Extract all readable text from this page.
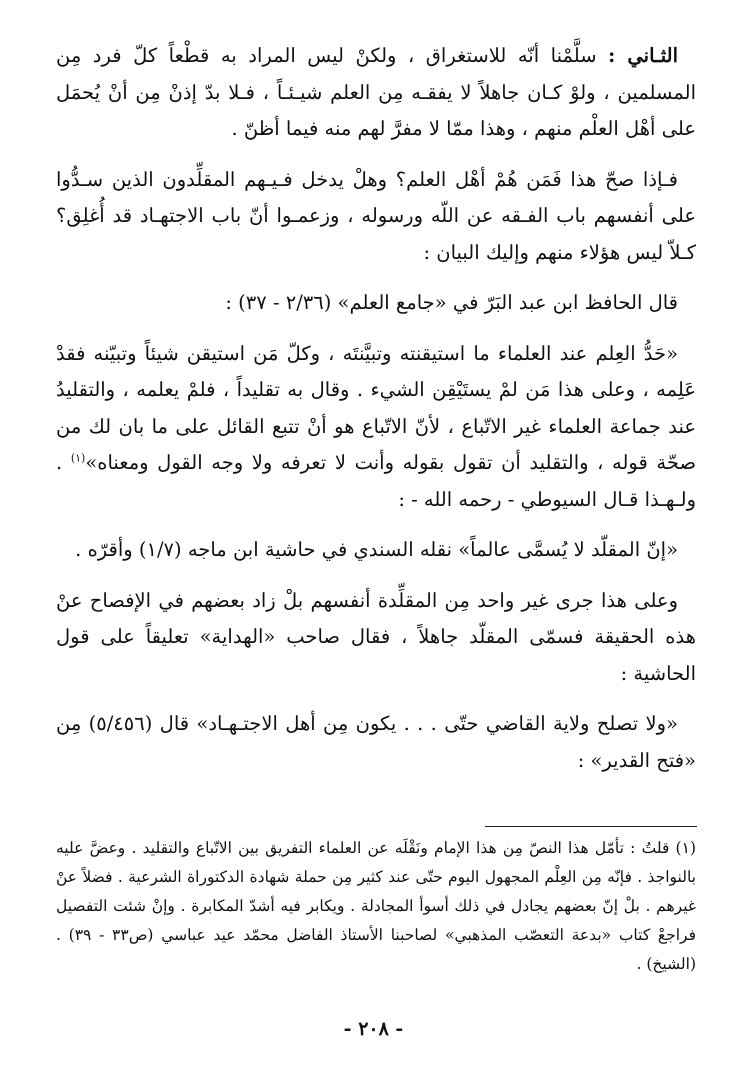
الثـاني : سلَّمْنا أنّه للاستغراق ، ولكنْ ليس المراد به قطْعاً كلّ فرد مِن المسلمين ، ولوْ كـان جاهلاً لا يفقـه مِن العلم شيـئـاً ، فـلا بدّ إذنْ مِن أنْ يُحمَل على أهْل العلْم منهم ، وهذا ممّا لا مفرَّ لهم منه فيما أظنّ .

فـإذا صحّ هذا فَمَن هُمْ أهْل العلم؟ وهلْ يدخل فـيـهم المقلِّدون الذين سـدُّوا على أنفسهم باب الفـقه عن اللّه ورسوله ، وزعمـوا أنّ باب الاجتهـاد قد أُغلِق؟ كـلاّ ليس هؤلاء منهم وإليك البيان :

قال الحافظ ابن عبد البَرّ في «جامع العلم» (٢/٣٦ - ٣٧) :

«حَدُّ العِلم عند العلماء ما استيقنته وتبيَّنتَه ، وكلّ مَن استيقن شيئاً وتبيّنه فقدْ عَلِمه ، وعلى هذا مَن لمْ يستَيْقِن الشيء . وقال به تقليداً ، فلمْ يعلمه ، والتقليدُ عند جماعة العلماء غير الاتّباع ، لأنّ الاتّباع هو أنْ تتبع القائل على ما بان لك من صحّة قوله ، والتقليد أن تقول بقوله وأنت لا تعرفه ولا وجه القول ومعناه»$^{(١)}$ . ولـهـذا قـال السيوطي - رحمه الله - :

«إنّ المقلّد لا يُسمَّى عالماً» نقله السندي في حاشية ابن ماجه (١/٧) وأقرّه .

وعلى هذا جرى غير واحد مِن المقلِّدة أنفسهم بلْ زاد بعضهم في الإفصاح عنْ هذه الحقيقة فسمّى المقلّد جاهلاً ، فقال صاحب «الهداية» تعليقاً على قول الحاشية :

«ولا تصلح ولاية القاضي حتّى . . . يكون مِن أهل الاجتـهـاد» قال (٥/٤٥٦) مِن «فتح القدير» :

(١) قلتُ : تأمّل هذا النصّ مِن هذا الإمام ونَقْلَه عن العلماء التفريق بين الاتّباع والتقليد . وعضَّ عليه بالنواجذ . فإنّه مِن العِلْم المجهول اليوم حتّى عند كثير مِن حملة شهادة الدكتوراة الشرعية . فضلاً عنْ غيرهم . بلْ إنّ بعضهم يجادل في ذلك أسوأ المجادلة . ويكابر فيه أشدّ المكابرة . وإنْ شئت التفصيل فراجعْ كتاب «بدعة التعصّب المذهبي» لصاحبنا الأستاذ الفاضل محمّد عيد عباسي (ص٣٣ - ٣٩) . (الشيخ) .
- ٢٠٨ -
